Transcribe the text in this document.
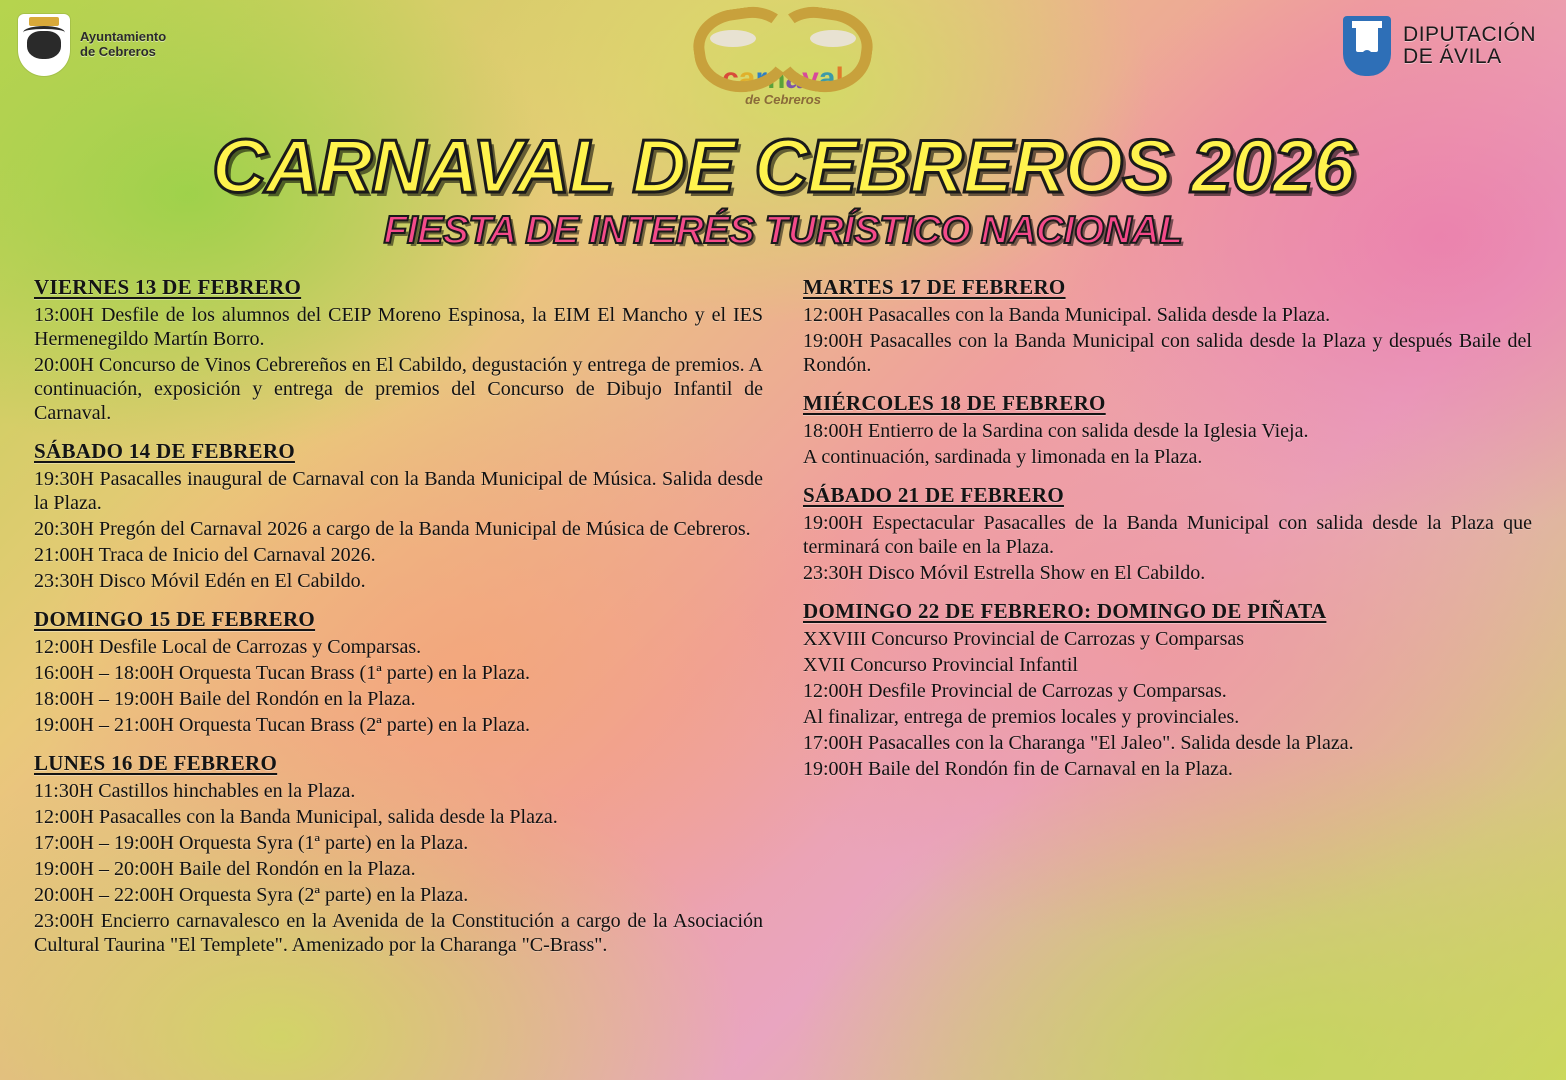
Ayuntamiento
de Cebreros
carnaval
de Cebreros
DIPUTACIÓN
DE ÁVILA
CARNAVAL DE CEBREROS 2026
FIESTA DE INTERÉS TURÍSTICO NACIONAL
VIERNES 13 DE FEBRERO
13:00H Desfile de los alumnos del CEIP Moreno Espinosa, la EIM El Mancho y el IES Hermenegildo Martín Borro.
20:00H Concurso de Vinos Cebrereños en El Cabildo, degustación y entrega de premios. A continuación, exposición y entrega de premios del Concurso de Dibujo Infantil de Carnaval.
SÁBADO 14 DE FEBRERO
19:30H Pasacalles inaugural de Carnaval con la Banda Municipal de Música. Salida desde la Plaza.
20:30H Pregón del Carnaval 2026 a cargo de la Banda Municipal de Música de Cebreros.
21:00H Traca de Inicio del Carnaval 2026.
23:30H Disco Móvil Edén en El Cabildo.
DOMINGO 15 DE FEBRERO
12:00H Desfile Local de Carrozas y Comparsas.
16:00H – 18:00H Orquesta Tucan Brass (1ª parte) en la Plaza.
18:00H – 19:00H Baile del Rondón en la Plaza.
19:00H – 21:00H Orquesta Tucan Brass (2ª parte) en la Plaza.
LUNES 16 DE FEBRERO
11:30H Castillos hinchables en la Plaza.
12:00H Pasacalles con la Banda Municipal, salida desde la Plaza.
17:00H – 19:00H Orquesta Syra (1ª parte) en la Plaza.
19:00H – 20:00H Baile del Rondón en la Plaza.
20:00H – 22:00H Orquesta Syra (2ª parte) en la Plaza.
23:00H Encierro carnavalesco en la Avenida de la Constitución a cargo de la Asociación Cultural Taurina "El Templete". Amenizado por la Charanga "C-Brass".
MARTES 17 DE FEBRERO
12:00H Pasacalles con la Banda Municipal. Salida desde la Plaza.
19:00H Pasacalles con la Banda Municipal con salida desde la Plaza y después Baile del Rondón.
MIÉRCOLES 18 DE FEBRERO
18:00H Entierro de la Sardina con salida desde la Iglesia Vieja.
A continuación, sardinada y limonada en la Plaza.
SÁBADO 21 DE FEBRERO
19:00H Espectacular Pasacalles de la Banda Municipal con salida desde la Plaza que terminará con baile en la Plaza.
23:30H Disco Móvil Estrella Show en El Cabildo.
DOMINGO 22 DE FEBRERO: DOMINGO DE PIÑATA
XXVIII Concurso Provincial de Carrozas y Comparsas
XVII Concurso Provincial Infantil
12:00H Desfile Provincial de Carrozas y Comparsas.
Al finalizar, entrega de premios locales y provinciales.
17:00H Pasacalles con la Charanga "El Jaleo". Salida desde la Plaza.
19:00H Baile del Rondón fin de Carnaval en la Plaza.
